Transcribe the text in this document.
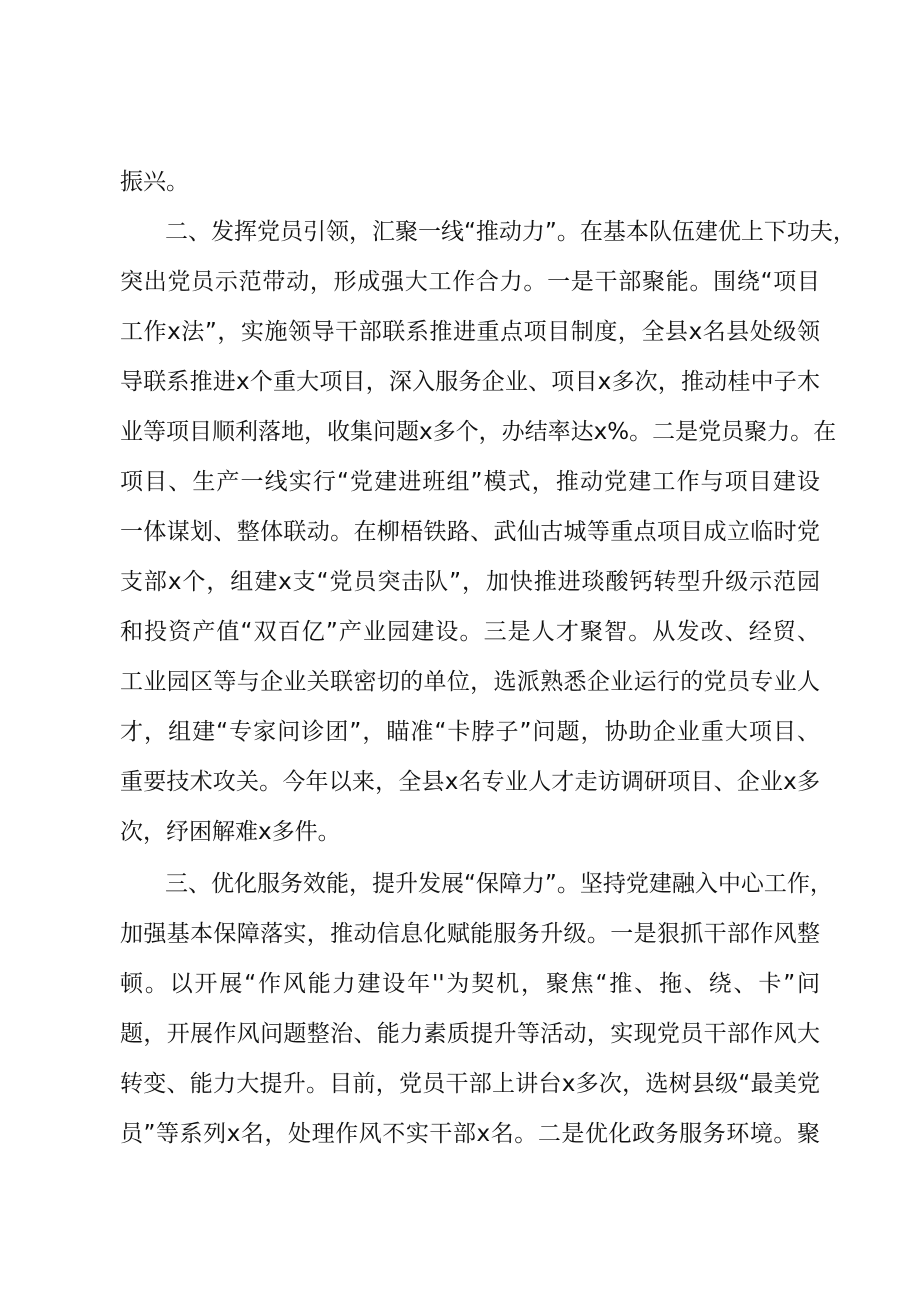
振兴。
二、发挥党员引领，汇聚一线“推动力”。在基本队伍建优上下功夫，
突出党员示范带动，形成强大工作合力。一是干部聚能。围绕“项目
工作x法”，实施领导干部联系推进重点项目制度，全县x名县处级领
导联系推进x个重大项目，深入服务企业、项目x多次，推动桂中子木
业等项目顺利落地，收集问题x多个，办结率达x%。二是党员聚力。在
项目、生产一线实行“党建进班组”模式，推动党建工作与项目建设
一体谋划、整体联动。在柳梧铁路、武仙古城等重点项目成立临时党
支部x个，组建x支“党员突击队”，加快推进琰酸钙转型升级示范园
和投资产值“双百亿”产业园建设。三是人才聚智。从发改、经贸、
工业园区等与企业关联密切的单位，选派熟悉企业运行的党员专业人
才，组建“专家问诊团”，瞄准“卡脖子”问题，协助企业重大项目、
重要技术攻关。今年以来，全县x名专业人才走访调研项目、企业x多
次，纾困解难x多件。
三、优化服务效能，提升发展“保障力”。坚持党建融入中心工作，
加强基本保障落实，推动信息化赋能服务升级。一是狠抓干部作风整
顿。以开展“作风能力建设年''为契机，聚焦“推、拖、绕、卡”问
题，开展作风问题整治、能力素质提升等活动，实现党员干部作风大
转变、能力大提升。目前，党员干部上讲台x多次，选树县级“最美党
员”等系列x名，处理作风不实干部x名。二是优化政务服务环境。聚
